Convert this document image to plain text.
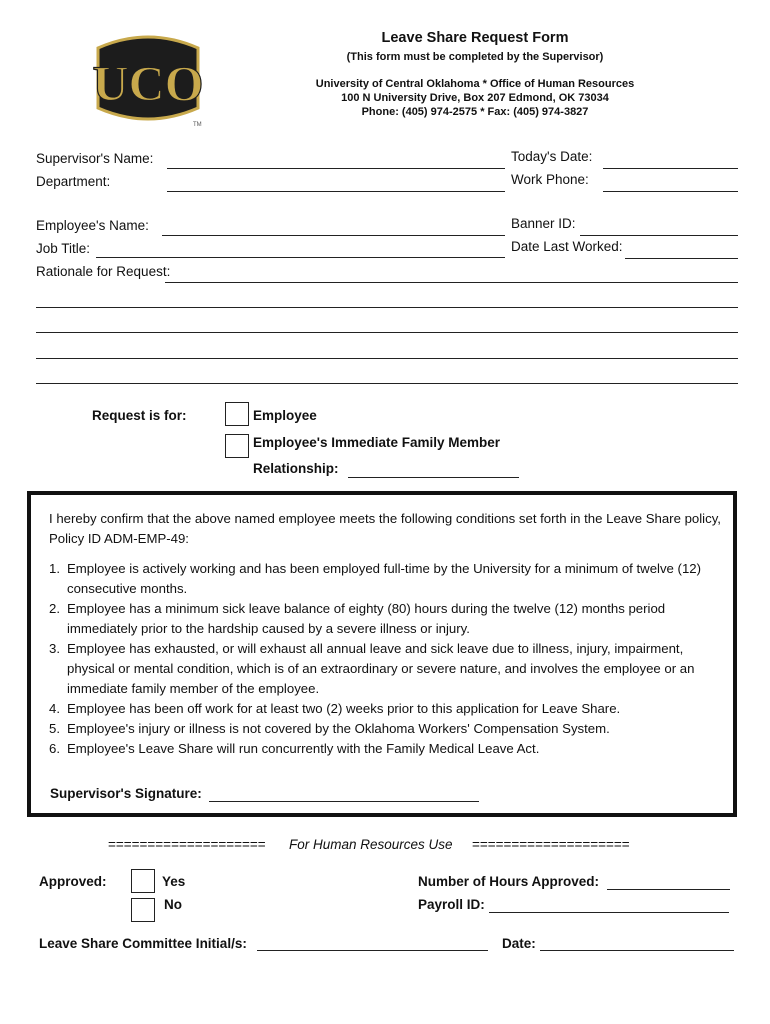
UCO
TM
Leave Share Request Form
(This form must be completed by the Supervisor)
University of Central Oklahoma * Office of Human Resources
100 N University Drive, Box 207 Edmond, OK 73034
Phone: (405) 974-2575 * Fax: (405) 974-3827
Supervisor's Name:
Department:
Today's Date:
Work Phone:
Employee's Name:
Job Title:
Banner ID:
Date Last Worked:
Rationale for Request:
Request is for:	Employee
Employee's Immediate Family Member
Relationship:
I hereby confirm that the above named employee meets the following conditions set forth in the Leave Share policy, Policy ID ADM-EMP-49:
1. Employee is actively working and has been employed full-time by the University for a minimum of twelve (12) consecutive months.
2. Employee has a minimum sick leave balance of eighty (80) hours during the twelve (12) months period immediately prior to the hardship caused by a severe illness or injury.
3. Employee has exhausted, or will exhaust all annual leave and sick leave due to illness, injury, impairment, physical or mental condition, which is of an extraordinary or severe nature, and involves the employee or an immediate family member of the employee.
4. Employee has been off work for at least two (2) weeks prior to this application for Leave Share.
5. Employee's injury or illness is not covered by the Oklahoma Workers' Compensation System.
6. Employee's Leave Share will run concurrently with the Family Medical Leave Act.
Supervisor's Signature:
==================== For Human Resources Use ====================
Approved:	Yes
No
Number of Hours Approved:
Payroll ID:
Leave Share Committee Initial/s:	Date:
